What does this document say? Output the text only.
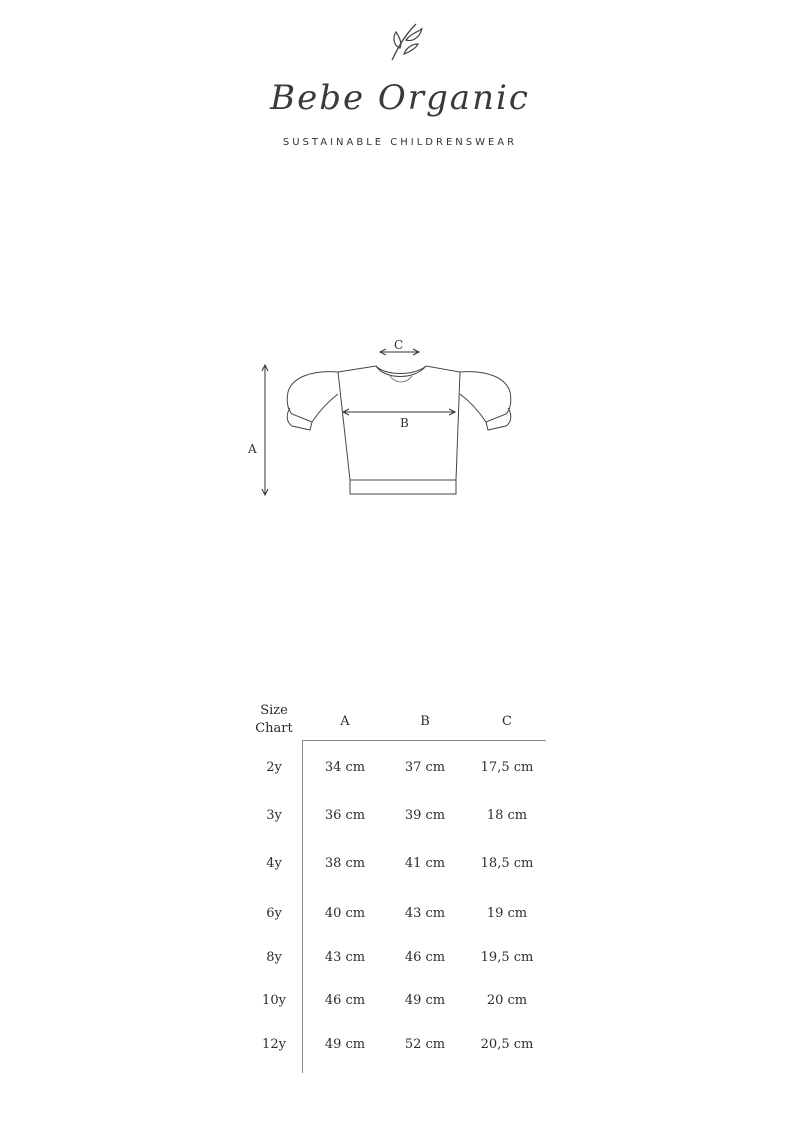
Bebe Organic
SUSTAINABLE CHILDRENSWEAR
A
B
C
Size Chart	A	B	C
2y	34 cm	37 cm	17,5 cm
3y	36 cm	39 cm	18 cm
4y	38 cm	41 cm	18,5 cm
6y	40 cm	43 cm	19 cm
8y	43 cm	46 cm	19,5 cm
10y	46 cm	49 cm	20 cm
12y	49 cm	52 cm	20,5 cm
